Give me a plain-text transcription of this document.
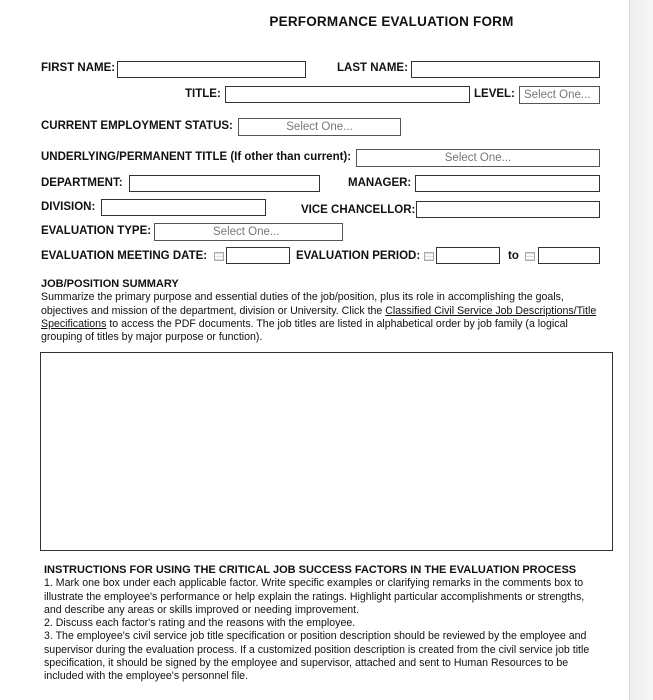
PERFORMANCE EVALUATION FORM
FIRST NAME:	LAST NAME:
TITLE:	LEVEL: Select One...
CURRENT EMPLOYMENT STATUS:	Select One...
UNDERLYING/PERMANENT TITLE (If other than current):	Select One...
DEPARTMENT:	MANAGER:
DIVISION:	VICE CHANCELLOR:
EVALUATION TYPE:	Select One...
EVALUATION MEETING DATE:	EVALUATION PERIOD:	to
JOB/POSITION SUMMARY
Summarize the primary purpose and essential duties of the job/position, plus its role in accomplishing the goals, objectives and mission of the department, division or University. Click the Classified Civil Service Job Descriptions/Title Specifications to access the PDF documents. The job titles are listed in alphabetical order by job family (a logical grouping of titles by major purpose or function).
INSTRUCTIONS FOR USING THE CRITICAL JOB SUCCESS FACTORS IN THE EVALUATION PROCESS
1. Mark one box under each applicable factor. Write specific examples or clarifying remarks in the comments box to illustrate the employee's performance or help explain the ratings. Highlight particular accomplishments or strengths, and describe any areas or skills improved or needing improvement.
2. Discuss each factor's rating and the reasons with the employee.
3. The employee's civil service job title specification or position description should be reviewed by the employee and supervisor during the evaluation process. If a customized position description is created from the civil service job title specification, it should be signed by the employee and supervisor, attached and sent to Human Resources to be included with the employee's personnel file.
